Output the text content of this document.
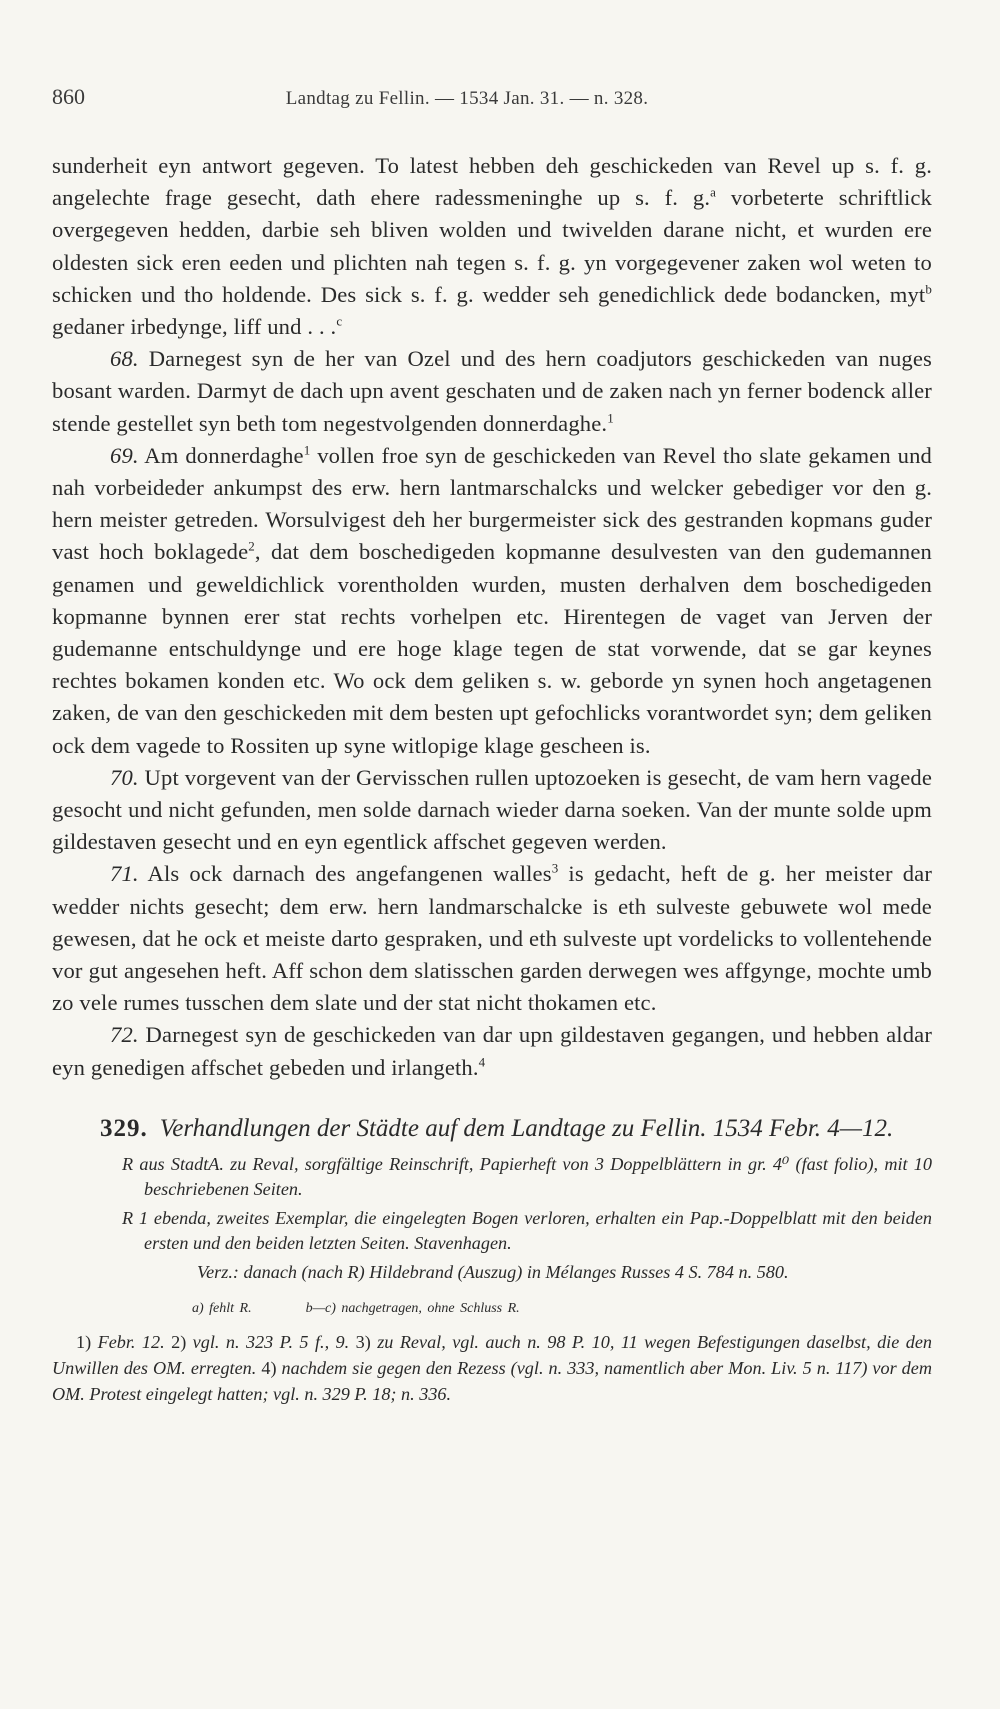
860	Landtag zu Fellin. — 1534 Jan. 31. — n. 328.

sunderheit eyn antwort gegeven. To latest hebben deh geschickeden van Revel up s. f. g. angelechte frage gesecht, dath ehere radessmeninghe up s. f. g.$^a$ vorbeterte schriftlick overgegeven hedden, darbie seh bliven wolden und twivelden darane nicht, et wurden ere oldesten sick eren eeden und plichten nah tegen s. f. g. yn vorgegevener zaken wol weten to schicken und tho holdende. Des sick s. f. g. wedder seh genedichlick dede bodancken, myt$^b$ gedaner irbedynge, liff und . . .$^c$

68. Darnegest syn de her van Ozel und des hern coadjutors geschickeden van nuges bosant warden. Darmyt de dach upn avent geschaten und de zaken nach yn ferner bodenck aller stende gestellet syn beth tom negestvolgenden donnerdaghe.$^1$

69. Am donnerdaghe$^1$ vollen froe syn de geschickeden van Revel tho slate gekamen und nah vorbeideder ankumpst des erw. hern lantmarschalcks und welcker gebediger vor den g. hern meister getreden. Worsulvigest deh her burgermeister sick des gestranden kopmans guder vast hoch boklagede$^2$, dat dem boschedigeden kopmanne desulvesten van den gudemannen genamen und geweldichlick vorentholden wurden, musten derhalven dem boschedigeden kopmanne bynnen erer stat rechts vorhelpen etc. Hirentegen de vaget van Jerven der gudemanne entschuldynge und ere hoge klage tegen de stat vorwende, dat se gar keynes rechtes bokamen konden etc. Wo ock dem geliken s. w. geborde yn synen hoch angetagenen zaken, de van den geschickeden mit dem besten upt gefochlicks vorantwordet syn; dem geliken ock dem vagede to Rossiten up syne witlopige klage gescheen is.

70. Upt vorgevent van der Gervisschen rullen uptozoeken is gesecht, de vam hern vagede gesocht und nicht gefunden, men solde darnach wieder darna soeken. Van der munte solde upm gildestaven gesecht und en eyn egentlick affschet gegeven werden.

71. Als ock darnach des angefangenen walles$^3$ is gedacht, heft de g. her meister dar wedder nichts gesecht; dem erw. hern landmarschalcke is eth sulveste gebuwete wol mede gewesen, dat he ock et meiste darto gespraken, und eth sulveste upt vordelicks to vollentehende vor gut angesehen heft. Aff schon dem slatisschen garden derwegen wes affgynge, mochte umb zo vele rumes tusschen dem slate und der stat nicht thokamen etc.

72. Darnegest syn de geschickeden van dar upn gildestaven gegangen, und hebben aldar eyn genedigen affschet gebeden und irlangeth.$^4$

329. Verhandlungen der Städte auf dem Landtage zu Fellin. 1534 Febr. 4—12.
R aus StadtA. zu Reval, sorgfältige Reinschrift, Papierheft von 3 Doppelblättern in gr. 4⁰ (fast folio), mit 10 beschriebenen Seiten.
R 1 ebenda, zweites Exemplar, die eingelegten Bogen verloren, erhalten ein Pap.-Doppelblatt mit den beiden ersten und den beiden letzten Seiten. Stavenhagen.
Verz.: danach (nach R) Hildebrand (Auszug) in Mélanges Russes 4 S. 784 n. 580.
a) fehlt R.	b—c) nachgetragen, ohne Schluss R.
1) Febr. 12. 2) vgl. n. 323 P. 5 f., 9. 3) zu Reval, vgl. auch n. 98 P. 10, 11 wegen Befestigungen daselbst, die den Unwillen des OM. erregten. 4) nachdem sie gegen den Rezess (vgl. n. 333, namentlich aber Mon. Liv. 5 n. 117) vor dem OM. Protest eingelegt hatten; vgl. n. 329 P. 18; n. 336.
